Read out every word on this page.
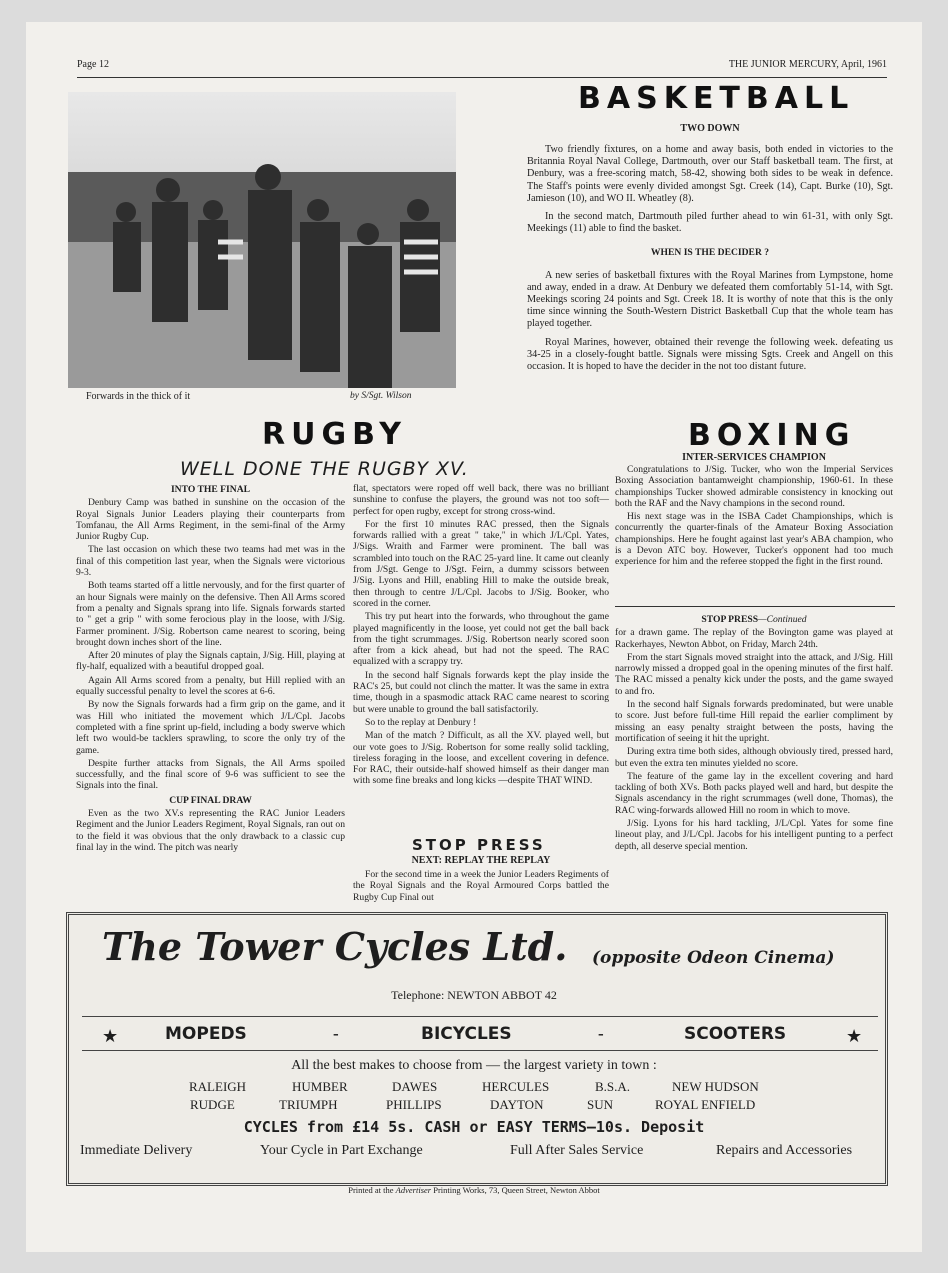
Page 12	THE JUNIOR MERCURY, April, 1961
Forwards in the thick of it	by S/Sgt. Wilson
BASKETBALL
TWO DOWN

Two friendly fixtures, on a home and away basis, both ended in victories to the Britannia Royal Naval College, Dartmouth, over our Staff basketball team. The first, at Denbury, was a free-scoring match, 58-42, showing both sides to be weak in defence. The Staff's points were evenly divided amongst Sgt. Creek (14), Capt. Burke (10), Sgt. Jamieson (10), and WO II. Wheatley (8).

In the second match, Dartmouth piled further ahead to win 61-31, with only Sgt. Meekings (11) able to find the basket.

WHEN IS THE DECIDER ?

A new series of basketball fixtures with the Royal Marines from Lympstone, home and away, ended in a draw. At Denbury we defeated them comfortably 51-14, with Sgt. Meekings scoring 24 points and Sgt. Creek 18. It is worthy of note that this is the only time since winning the South-Western District Basketball Cup that the whole team has played together.

Royal Marines, however, obtained their revenge the following week. defeating us 34-25 in a closely-fought battle. Signals were missing Sgts. Creek and Angell on this occasion. It is hoped to have the decider in the not too distant future.

RUGBY
WELL DONE THE RUGBY XV.
INTO THE FINAL

Denbury Camp was bathed in sunshine on the occasion of the Royal Signals Junior Leaders playing their counterparts from Tomfanau, the All Arms Regiment, in the semi-final of the Army Junior Rugby Cup.

The last occasion on which these two teams had met was in the final of this competition last year, when the Signals were victorious 9-3.

Both teams started off a little nervously, and for the first quarter of an hour Signals were mainly on the defensive. Then All Arms scored from a penalty and Signals sprang into life. Signals forwards started to " get a grip " with some ferocious play in the loose, with J/Sig. Farmer prominent. J/Sig. Robertson came nearest to scoring, being brought down inches short of the line.

After 20 minutes of play the Signals captain, J/Sig. Hill, playing at fly-half, equalized with a beautiful dropped goal.

Again All Arms scored from a penalty, but Hill replied with an equally successful penalty to level the scores at 6-6.

By now the Signals forwards had a firm grip on the game, and it was Hill who initiated the movement which J/L/Cpl. Jacobs completed with a fine sprint up-field, including a body swerve which left two would-be tacklers sprawling, to score the only try of the game.

Despite further attacks from Signals, the All Arms spoiled successfully, and the final score of 9-6 was sufficient to see the Signals into the final.

CUP FINAL DRAW

Even as the two XV.s representing the RAC Junior Leaders Regiment and the Junior Leaders Regiment, Royal Signals, ran out on to the field it was obvious that the only drawback to a classic cup final lay in the wind. The pitch was nearly

flat, spectators were roped off well back, there was no brilliant sunshine to confuse the players, the ground was not too soft—perfect for open rugby, except for strong cross-wind.

For the first 10 minutes RAC pressed, then the Signals forwards rallied with a great " take," in which J/L/Cpl. Yates, J/Sigs. Wraith and Farmer were prominent. The ball was scrambled into touch on the RAC 25-yard line. It came out cleanly from J/Sgt. Genge to J/Sgt. Feirn, a dummy scissors between J/Sig. Lyons and Hill, enabling Hill to make the outside break, then through to centre J/L/Cpl. Jacobs to J/Sig. Booker, who scored in the corner.

This try put heart into the forwards, who throughout the game played magnificently in the loose, yet could not get the ball back from the tight scrummages. J/Sig. Robertson nearly scored soon after from a kick ahead, but had not the speed. The RAC equalized with a scrappy try.

In the second half Signals forwards kept the play inside the RAC's 25, but could not clinch the matter. It was the same in extra time, though in a spasmodic attack RAC came nearest to scoring but were unable to ground the ball satisfactorily.

So to the replay at Denbury !

Man of the match ? Difficult, as all the XV. played well, but our vote goes to J/Sig. Robertson for some really solid tackling, tireless foraging in the loose, and excellent covering in defence. For RAC, their outside-half showed himself as their danger man with some fine breaks and long kicks —despite THAT WIND.

STOP PRESS
NEXT: REPLAY THE REPLAY

For the second time in a week the Junior Leaders Regiments of the Royal Signals and the Royal Armoured Corps battled the Rugby Cup Final out

BOXING
INTER-SERVICES CHAMPION

Congratulations to J/Sig. Tucker, who won the Imperial Services Boxing Association bantamweight championship, 1960-61. In these championships Tucker showed admirable consistency in knocking out both the RAF and the Navy champions in the second round.

His next stage was in the ISBA Cadet Championships, which is concurrently the quarter-finals of the Amateur Boxing Association championships. Here he fought against last year's ABA champion, who is a Devon ATC boy. However, Tucker's opponent had too much experience for him and the referee stopped the fight in the first round.

STOP PRESS—Continued

for a drawn game. The replay of the Bovington game was played at Rackerhayes, Newton Abbot, on Friday, March 24th.

From the start Signals moved straight into the attack, and J/Sig. Hill narrowly missed a dropped goal in the opening minutes of the first half. The RAC missed a penalty kick under the posts, and the game swayed to and fro.

In the second half Signals forwards predominated, but were unable to score. Just before full-time Hill repaid the earlier compliment by missing an easy penalty straight between the posts, having the mortification of seeing it hit the upright.

During extra time both sides, although obviously tired, pressed hard, but even the extra ten minutes yielded no score.

The feature of the game lay in the excellent covering and hard tackling of both XVs. Both packs played well and hard, but despite the Signals ascendancy in the right scrummages (well done, Thomas), the RAC wing-forwards allowed Hill no room in which to move.

J/Sig. Lyons for his hard tackling, J/L/Cpl. Yates for some fine lineout play, and J/L/Cpl. Jacobs for his intelligent punting to a perfect depth, all deserve special mention.

The Tower Cycles Ltd. (opposite Odeon Cinema)
Telephone: NEWTON ABBOT 42
★	MOPEDS	-	BICYCLES	-	SCOOTERS	★
All the best makes to choose from — the largest variety in town :
RALEIGH	HUMBER	DAWES	HERCULES	B.S.A.	NEW HUDSON
RUDGE	TRIUMPH	PHILLIPS	DAYTON	SUN	ROYAL ENFIELD
CYCLES from £14 5s. CASH or EASY TERMS—10s. Deposit
Immediate Delivery	Your Cycle in Part Exchange	Full After Sales Service	Repairs and Accessories
Printed at the Advertiser Printing Works, 73, Queen Street, Newton Abbot
